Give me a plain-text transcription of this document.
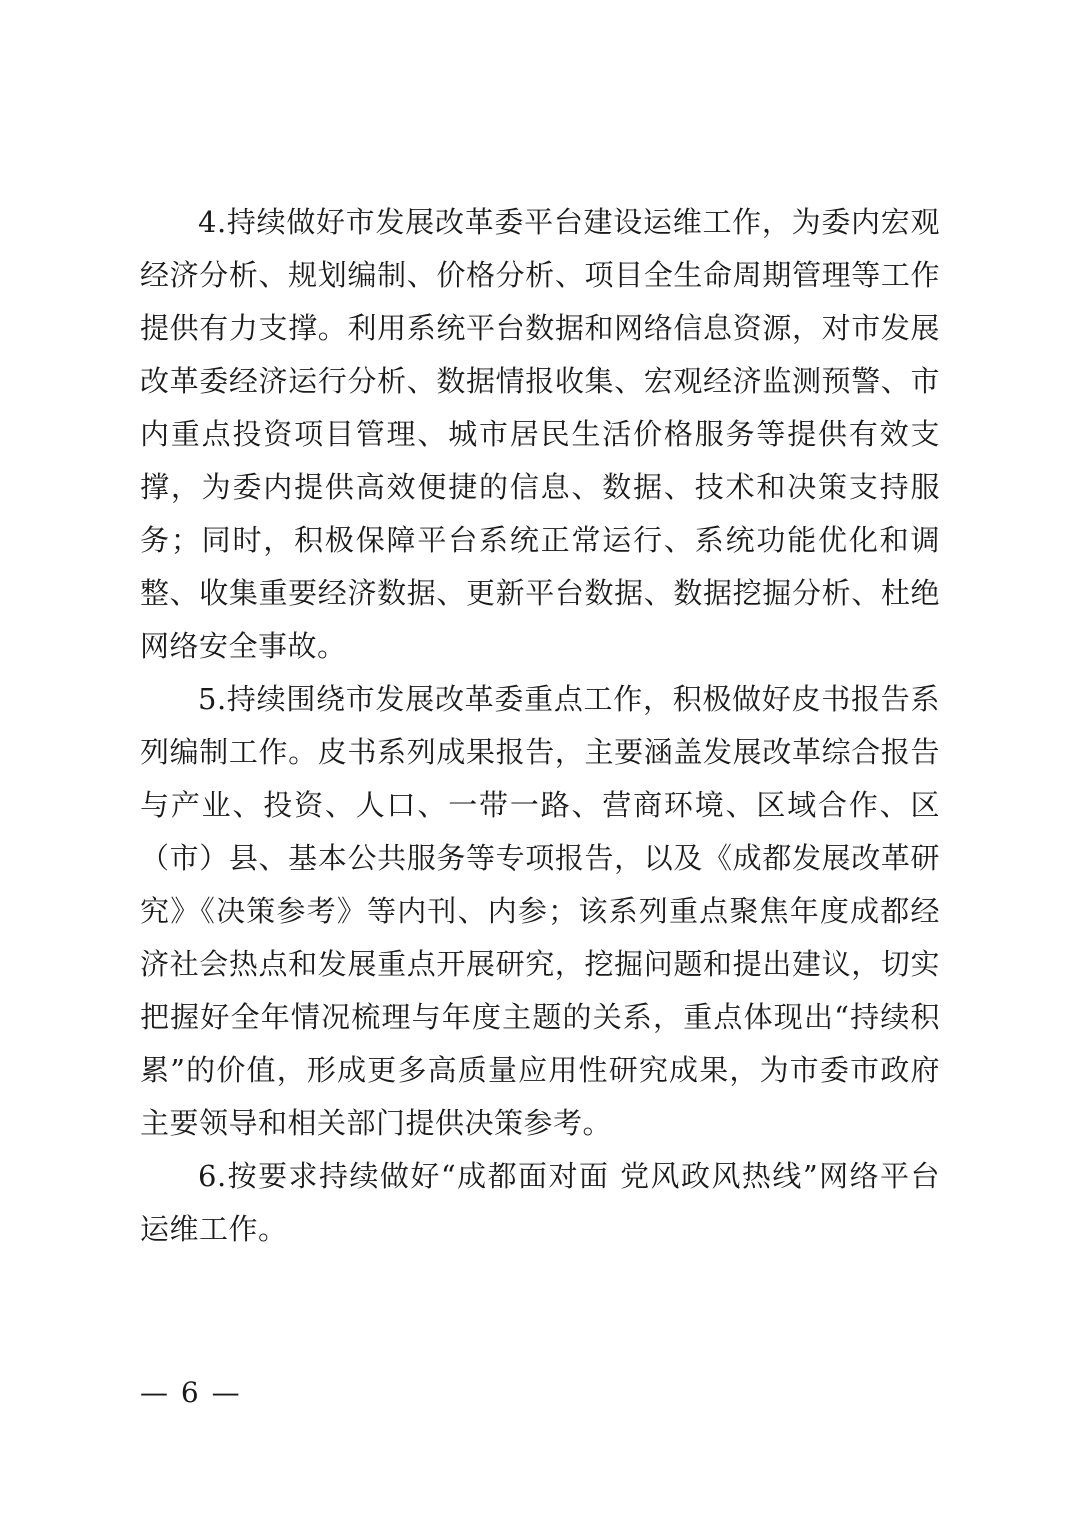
4.持续做好市发展改革委平台建设运维工作，为委内宏观经济分析、规划编制、价格分析、项目全生命周期管理等工作提供有力支撑。利用系统平台数据和网络信息资源，对市发展改革委经济运行分析、数据情报收集、宏观经济监测预警、市内重点投资项目管理、城市居民生活价格服务等提供有效支撑，为委内提供高效便捷的信息、数据、技术和决策支持服务；同时，积极保障平台系统正常运行、系统功能优化和调整、收集重要经济数据、更新平台数据、数据挖掘分析、杜绝网络安全事故。

5.持续围绕市发展改革委重点工作，积极做好皮书报告系列编制工作。皮书系列成果报告，主要涵盖发展改革综合报告与产业、投资、人口、一带一路、营商环境、区域合作、区（市）县、基本公共服务等专项报告，以及《成都发展改革研究》《决策参考》等内刊、内参；该系列重点聚焦年度成都经济社会热点和发展重点开展研究，挖掘问题和提出建议，切实把握好全年情况梳理与年度主题的关系，重点体现出“持续积累”的价值，形成更多高质量应用性研究成果，为市委市政府主要领导和相关部门提供决策参考。

6.按要求持续做好“成都面对面 党风政风热线”网络平台运维工作。

— 6 —
